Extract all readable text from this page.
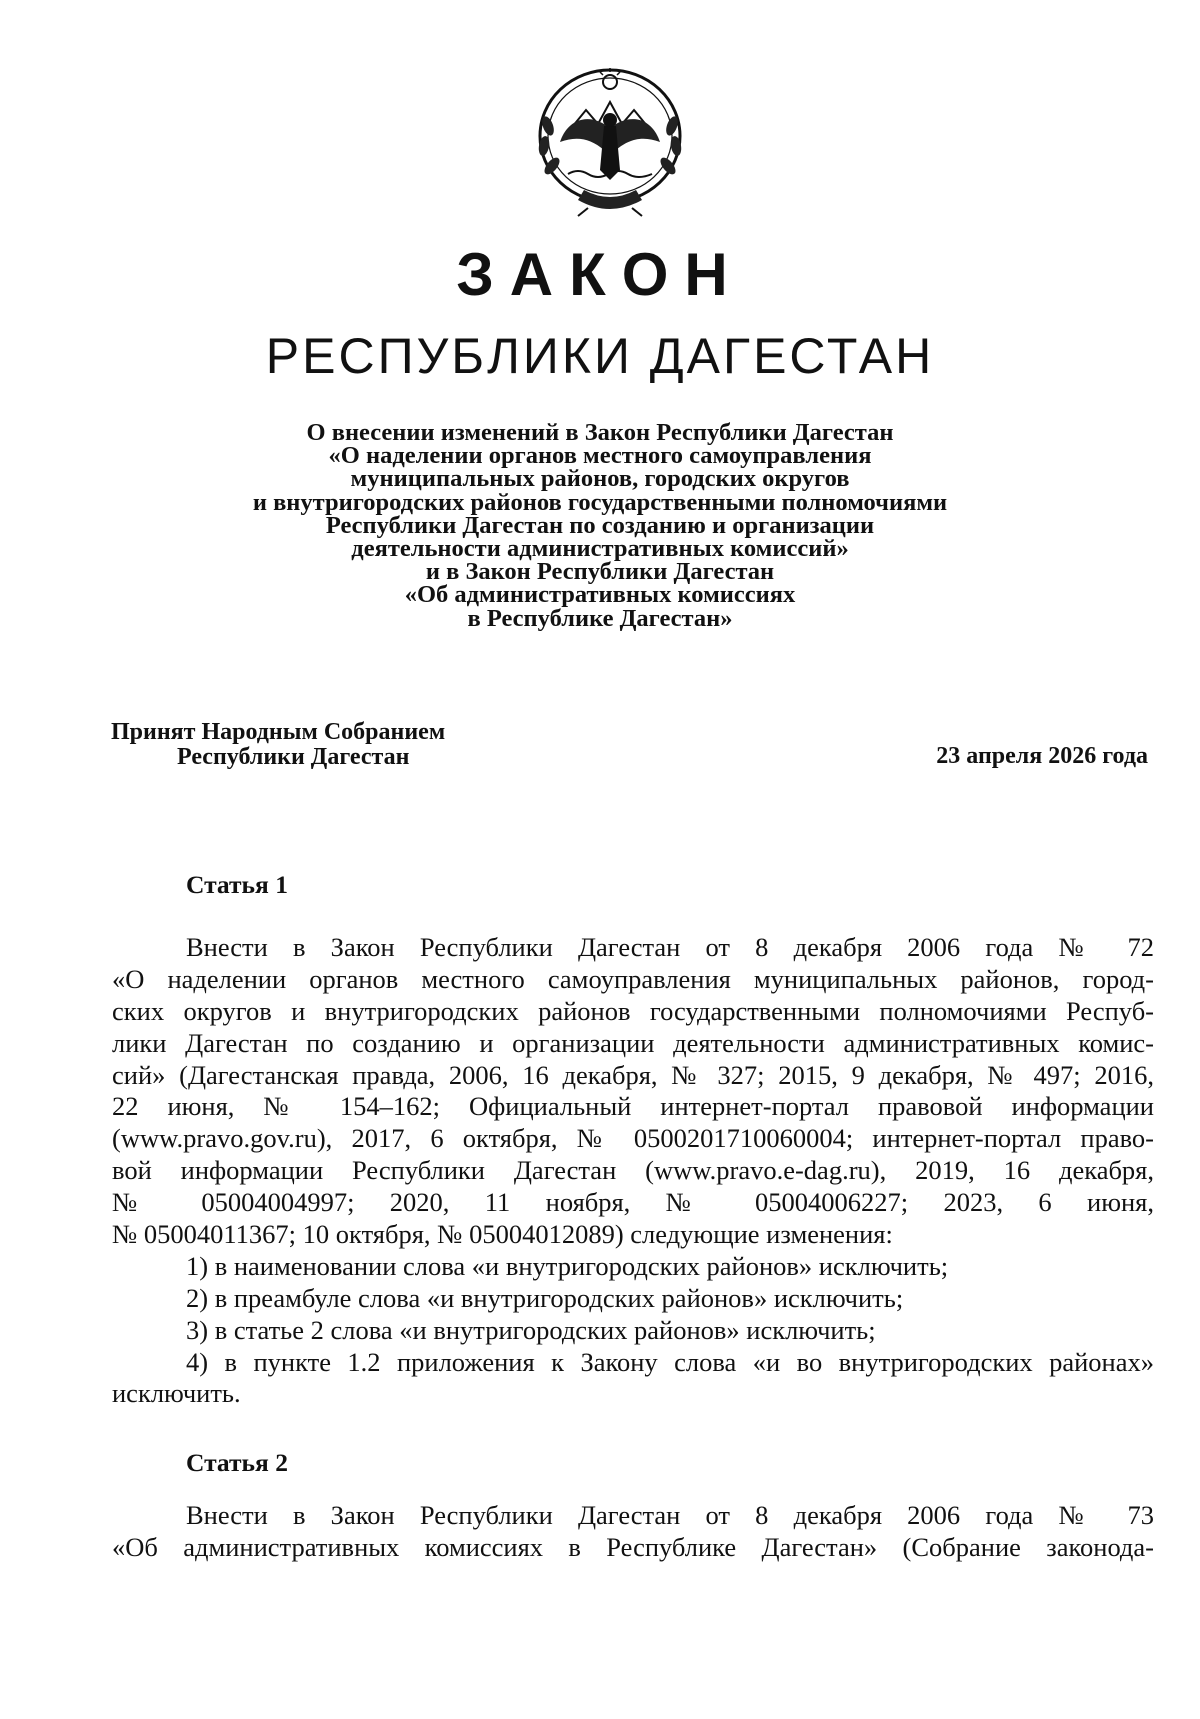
ЗАКОН
РЕСПУБЛИКИ ДАГЕСТАН
О внесении изменений в Закон Республики Дагестан
«О наделении органов местного самоуправления
муниципальных районов, городских округов
и внутригородских районов государственными полномочиями
Республики Дагестан по созданию и организации
деятельности административных комиссий»
и в Закон Республики Дагестан
«Об административных комиссиях
в Республике Дагестан»
Принят Народным Собранием
Республики Дагестан	23 апреля 2026 года
Статья 1
Внести в Закон Республики Дагестан от 8 декабря 2006 года № 72
«О наделении органов местного самоуправления муниципальных районов, город-
ских округов и внутригородских районов государственными полномочиями Респуб-
лики Дагестан по созданию и организации деятельности административных комис-
сий» (Дагестанская правда, 2006, 16 декабря, № 327; 2015, 9 декабря, № 497; 2016,
22 июня, № 154–162; Официальный интернет-портал правовой информации
(www.pravo.gov.ru), 2017, 6 октября, № 0500201710060004; интернет-портал право-
вой информации Республики Дагестан (www.pravo.e-dag.ru), 2019, 16 декабря,
№ 05004004997; 2020, 11 ноября, № 05004006227; 2023, 6 июня,
№ 05004011367; 10 октября, № 05004012089) следующие изменения:
1) в наименовании слова «и внутригородских районов» исключить;
2) в преамбуле слова «и внутригородских районов» исключить;
3) в статье 2 слова «и внутригородских районов» исключить;
4) в пункте 1.2 приложения к Закону слова «и во внутригородских районах»
исключить.
Статья 2
Внести в Закон Республики Дагестан от 8 декабря 2006 года № 73
«Об административных комиссиях в Республике Дагестан» (Собрание законода-
